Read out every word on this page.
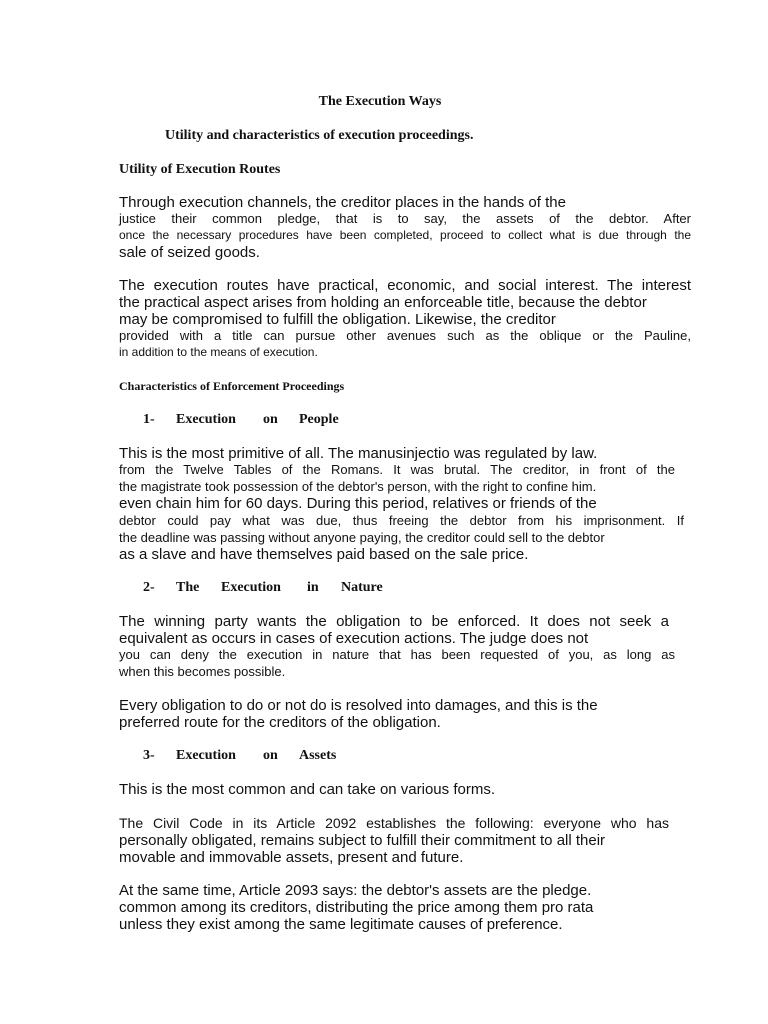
The Execution Ways
Utility and characteristics of execution proceedings.
Utility of Execution Routes
Through execution channels, the creditor places in the hands of the
justice their common pledge, that is to say, the assets of the debtor. After
once the necessary procedures have been completed, proceed to collect what is due through the
sale of seized goods.
The execution routes have practical, economic, and social interest. The interest
the practical aspect arises from holding an enforceable title, because the debtor
may be compromised to fulfill the obligation. Likewise, the creditor
provided with a title can pursue other avenues such as the oblique or the Pauline,
in addition to the means of execution.
Characteristics of Enforcement Proceedings
1- Execution on People
This is the most primitive of all. The manusinjectio was regulated by law.
from the Twelve Tables of the Romans. It was brutal. The creditor, in front of the
the magistrate took possession of the debtor's person, with the right to confine him.
even chain him for 60 days. During this period, relatives or friends of the
debtor could pay what was due, thus freeing the debtor from his imprisonment. If
the deadline was passing without anyone paying, the creditor could sell to the debtor
as a slave and have themselves paid based on the sale price.
2- The Execution in Nature
The winning party wants the obligation to be enforced. It does not seek a
equivalent as occurs in cases of execution actions. The judge does not
you can deny the execution in nature that has been requested of you, as long as
when this becomes possible.
Every obligation to do or not do is resolved into damages, and this is the
preferred route for the creditors of the obligation.
3- Execution on Assets
This is the most common and can take on various forms.
The Civil Code in its Article 2092 establishes the following: everyone who has
personally obligated, remains subject to fulfill their commitment to all their
movable and immovable assets, present and future.
At the same time, Article 2093 says: the debtor's assets are the pledge.
common among its creditors, distributing the price among them pro rata
unless they exist among the same legitimate causes of preference.
